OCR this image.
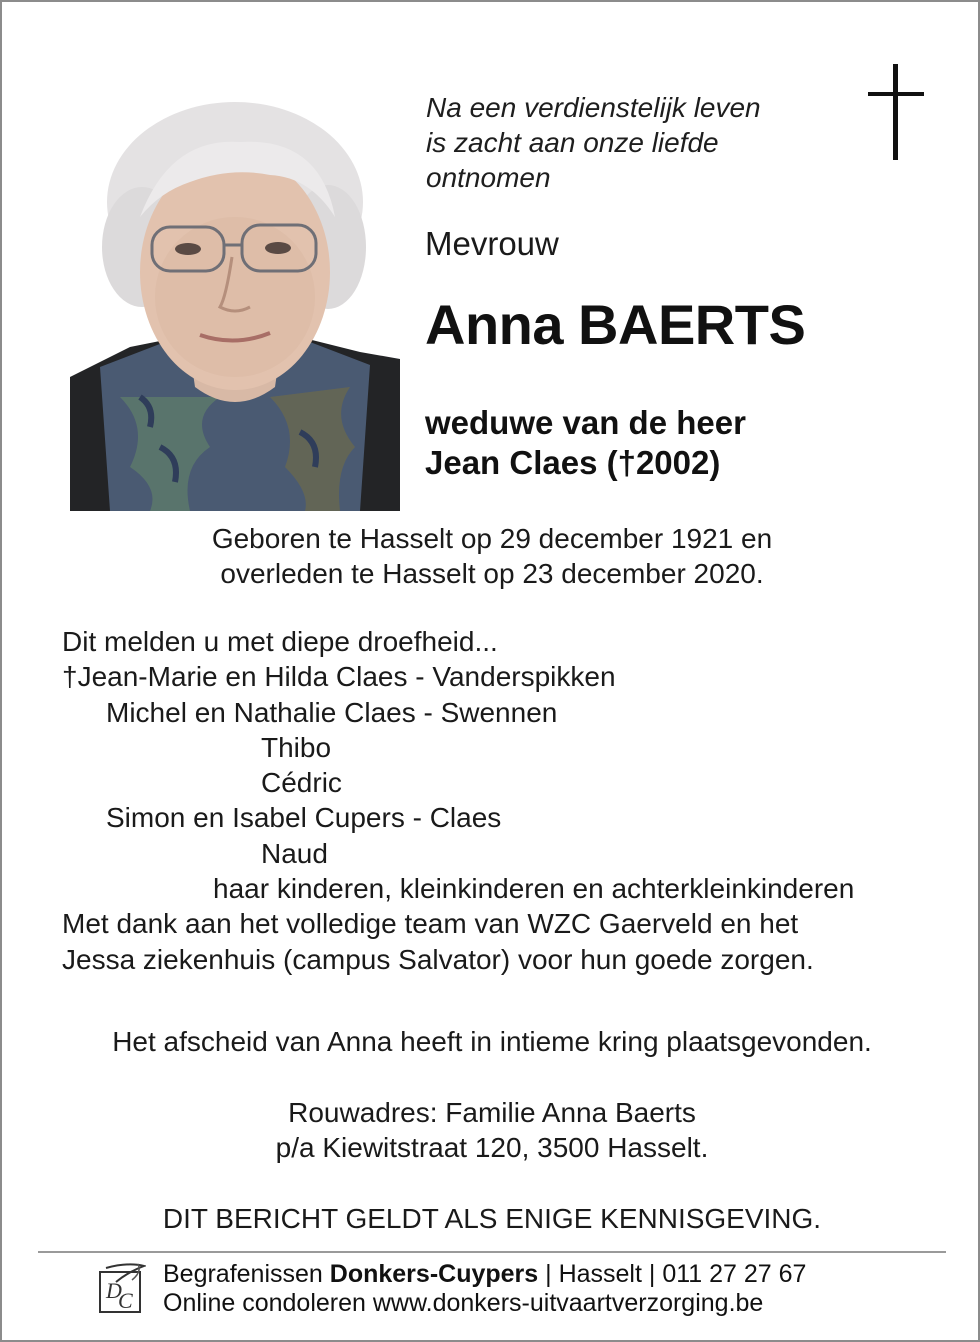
Na een verdienstelijk leven
is zacht aan onze liefde
ontnomen
Mevrouw
Anna BAERTS
weduwe van de heer
Jean Claes (†2002)
Geboren te Hasselt op 29 december 1921 en
overleden te Hasselt op 23 december 2020.
Dit melden u met diepe droefheid...
†Jean-Marie en Hilda Claes - Vanderspikken
Michel en Nathalie Claes - Swennen
Thibo
Cédric
Simon en Isabel Cupers - Claes
Naud
haar kinderen, kleinkinderen en achterkleinkinderen
Met dank aan het volledige team van WZC Gaerveld en het
Jessa ziekenhuis (campus Salvator) voor hun goede zorgen.
Het afscheid van Anna heeft in intieme kring plaatsgevonden.
Rouwadres: Familie Anna Baerts
p/a Kiewitstraat 120, 3500 Hasselt.
DIT BERICHT GELDT ALS ENIGE KENNISGEVING.
D
C
Begrafenissen Donkers-Cuypers | Hasselt | 011 27 27 67
Online condoleren www.donkers-uitvaartverzorging.be
